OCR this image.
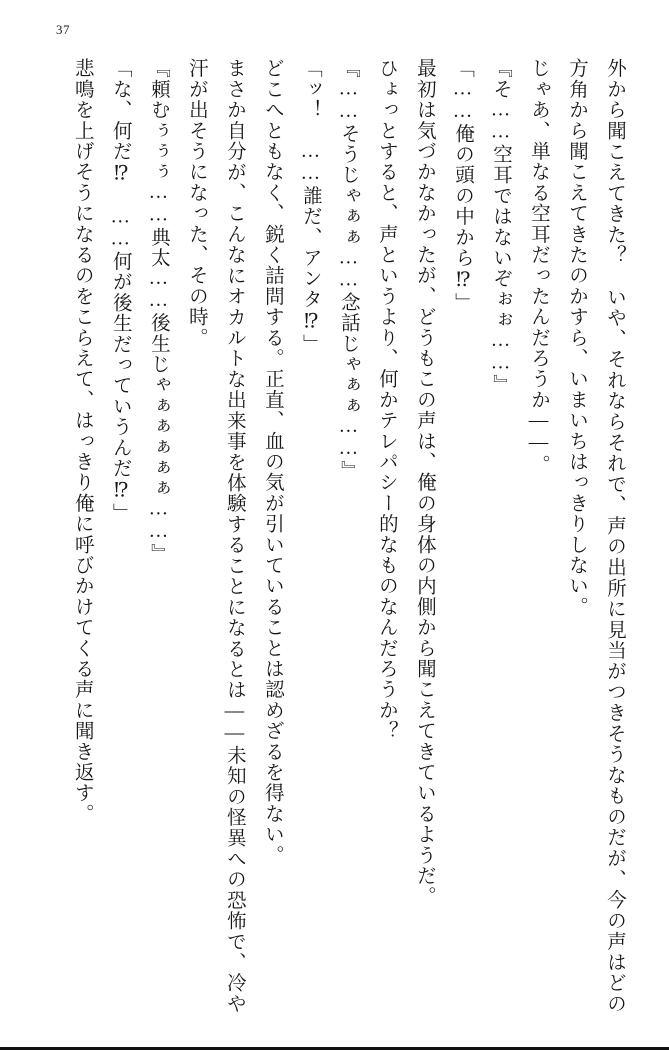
37

外から聞こえてきた？　いや、それならそれで、声の出所に見当がつきそうなものだが、今の声はどの方角から聞こえてきたのかすら、いまいちはっきりしない。

じゃあ、単なる空耳だったんだろうか——。

『そ……空耳ではないぞぉぉ……』

「……俺の頭の中から⁉」

最初は気づかなかったが、どうもこの声は、俺の身体の内側から聞こえてきているようだ。

ひょっとすると、声というより、何かテレパシー的なものなんだろうか？

『……そうじゃぁぁ……念話じゃぁぁ……』

「ッ！　……誰だ、アンタ⁉」

どこへともなく、鋭く詰問する。正直、血の気が引いていることは認めざるを得ない。

まさか自分が、こんなにオカルトな出来事を体験することになるとは——未知の怪異への恐怖で、冷や汗が出そうになった、その時。

『頼むぅぅぅ……典太……後生じゃぁぁぁぁぁ……』

「な、何だ⁉　……何が後生だっていうんだ⁉」

悲鳴を上げそうになるのをこらえて、はっきり俺に呼びかけてくる声に聞き返す。
